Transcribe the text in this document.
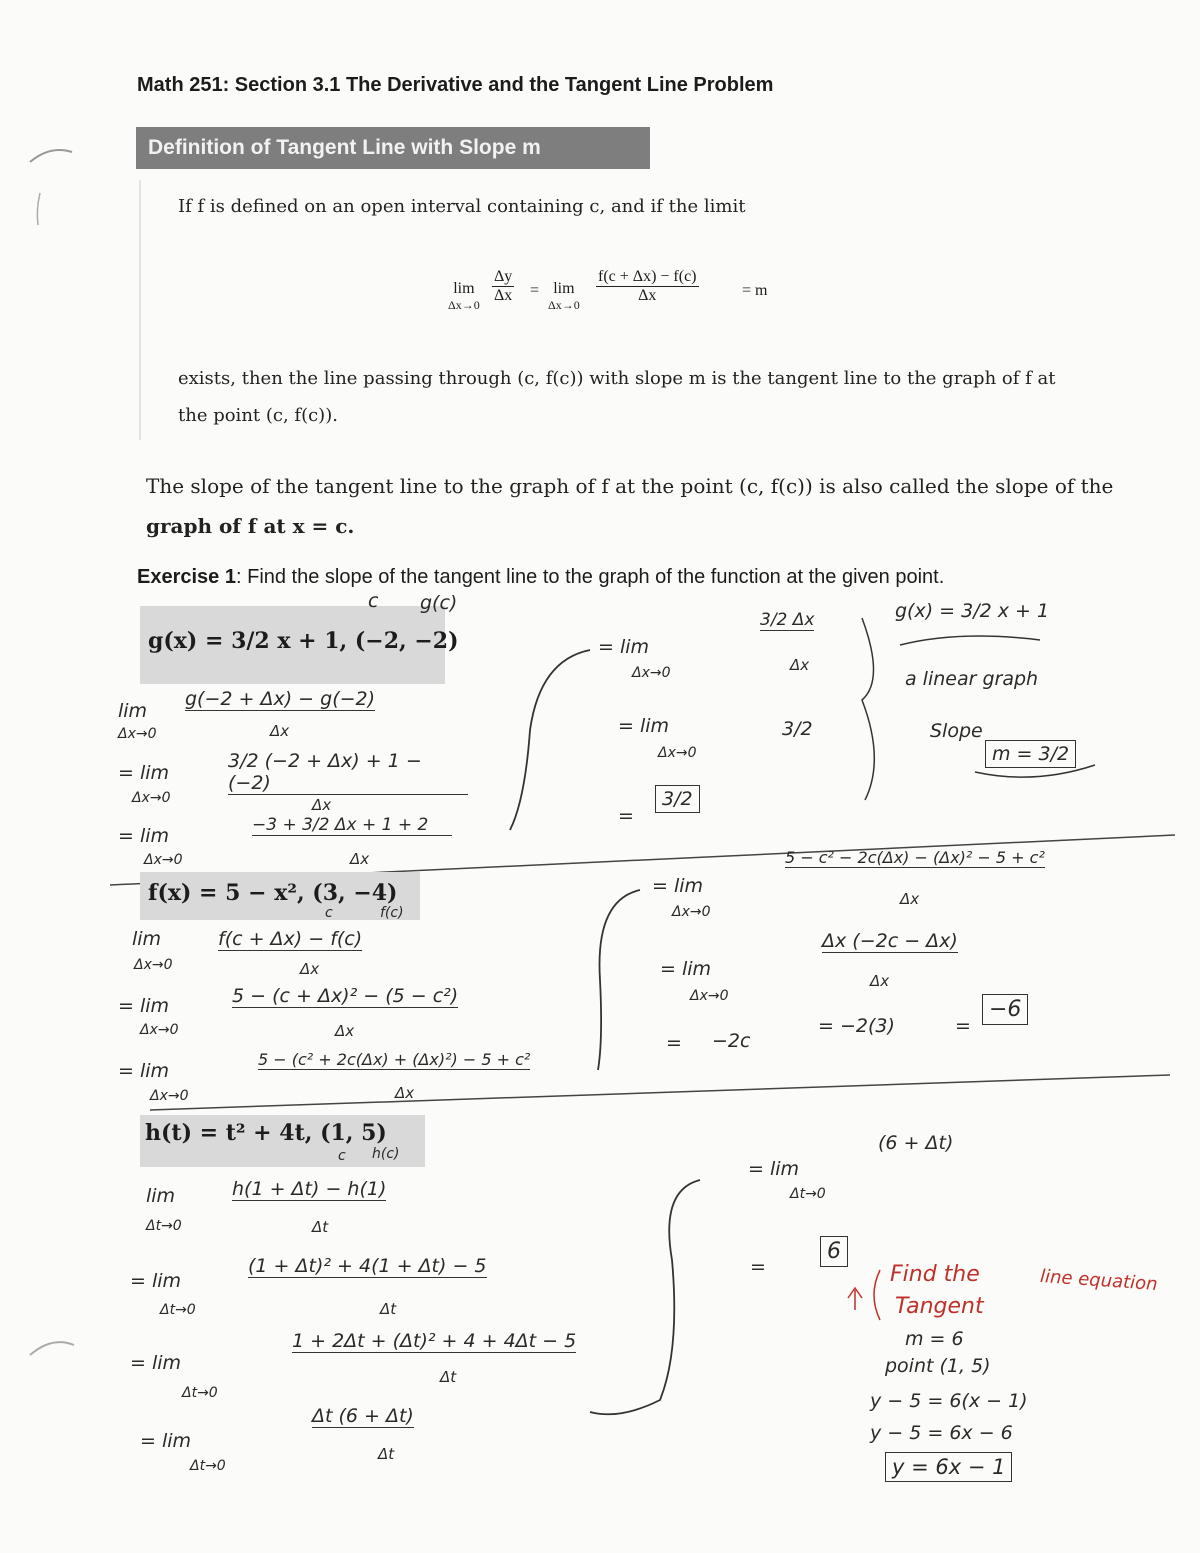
Math 251: Section 3.1 The Derivative and the Tangent Line Problem
Definition of Tangent Line with Slope m
If f is defined on an open interval containing c, and if the limit
lim
$\Delta x\to 0 \frac{\Delta y}{\Delta x} = \lim$
$\Delta x\to 0 \frac{f(c + \Delta x) - f(c)}{\Delta x}$	= m
exists, then the line passing through (c, f(c)) with slope m is the tangent line to the graph of f at
the point (c, f(c)).
The slope of the tangent line to the graph of f at the point (c, f(c)) is also called the slope of the
graph of f at x = c.
Exercise 1: Find the slope of the tangent line to the graph of the function at the given point.
g(x) = 3/2 x + 1, (−2, −2)
c g(c)
lim
Δx→0
g(−2 + Δx) − g(−2)
Δx
= lim
Δx→0
3/2 (−2 + Δx) + 1 − (−2)
Δx
= lim
Δx→0
−3 + 3/2 Δx + 1 + 2
Δx
= lim
Δx→0
3/2 Δx
Δx
= lim
Δx→0
3/2
=
3/2
g(x) = 3/2 x + 1
a linear graph
Slope
m = 3/2
f(x) = 5 − x², (3, −4)
c	f(c)
lim
Δx→0
f(c + Δx) − f(c)
Δx
= lim
Δx→0
5 − (c + Δx)² − (5 − c²)
Δx
= lim
Δx→0
5 − (c² + 2c(Δx) + (Δx)²) − 5 + c²
Δx
= lim
Δx→0
5 − c² − 2c(Δx) − (Δx)² − 5 + c²
Δx
= lim
Δx→0
Δx (−2c − Δx)
Δx
= −2c
= −2(3)	=
−6
h(t) = t² + 4t, (1, 5)
c h(c)
lim
Δt→0
h(1 + Δt) − h(1)
Δt
= lim
Δt→0
(1 + Δt)² + 4(1 + Δt) − 5
Δt
= lim
Δt→0
1 + 2Δt + (Δt)² + 4 + 4Δt − 5
Δt
= lim
Δt→0
Δt (6 + Δt)
Δt
= lim
Δt→0
(6 + Δt)
=
6
Find the
Tangent
line equation
m = 6
point (1, 5)
y − 5 = 6(x − 1)
y − 5 = 6x − 6
y = 6x − 1
